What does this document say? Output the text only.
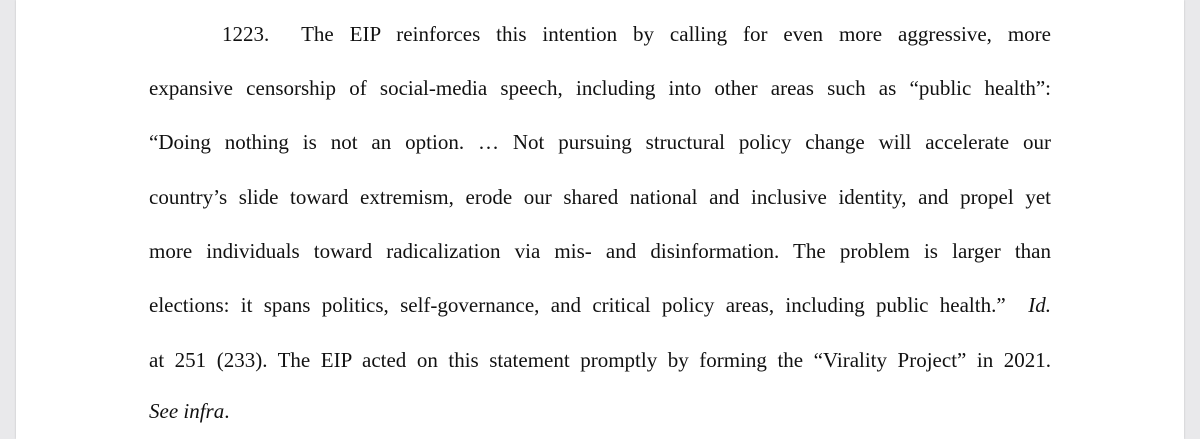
1223. The EIP reinforces this intention by calling for even more aggressive, more
expansive censorship of social-media speech, including into other areas such as “public health”:
“Doing nothing is not an option. … Not pursuing structural policy change will accelerate our
country’s slide toward extremism, erode our shared national and inclusive identity, and propel yet
more individuals toward radicalization via mis- and disinformation. The problem is larger than
elections: it spans politics, self-governance, and critical policy areas, including public health.” Id.
at 251 (233). The EIP acted on this statement promptly by forming the “Virality Project” in 2021.
See infra.
